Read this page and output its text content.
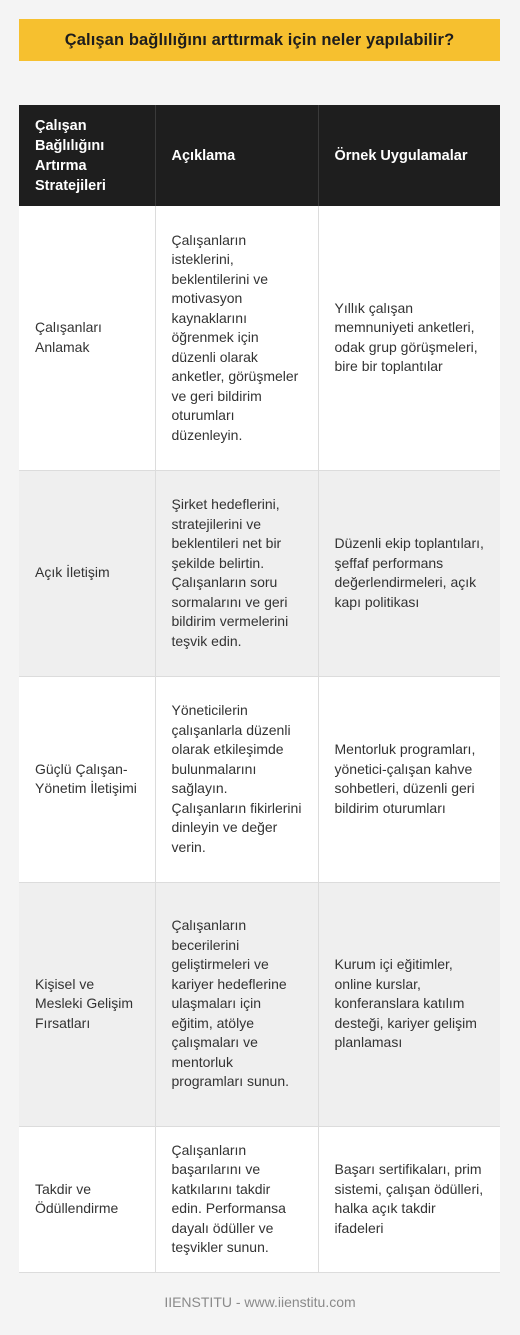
Çalışan bağlılığını arttırmak için neler yapılabilir?
Çalışan Bağlılığını Artırma Stratejileri	Açıklama	Örnek Uygulamalar
Çalışanları Anlamak	Çalışanların isteklerini, beklentilerini ve motivasyon kaynaklarını öğrenmek için düzenli olarak anketler, görüşmeler ve geri bildirim oturumları düzenleyin.	Yıllık çalışan memnuniyeti anketleri, odak grup görüşmeleri, bire bir toplantılar
Açık İletişim	Şirket hedeflerini, stratejilerini ve beklentileri net bir şekilde belirtin. Çalışanların soru sormalarını ve geri bildirim vermelerini teşvik edin.	Düzenli ekip toplantıları, şeffaf performans değerlendirmeleri, açık kapı politikası
Güçlü Çalışan-Yönetim İletişimi	Yöneticilerin çalışanlarla düzenli olarak etkileşimde bulunmalarını sağlayın. Çalışanların fikirlerini dinleyin ve değer verin.	Mentorluk programları, yönetici-çalışan kahve sohbetleri, düzenli geri bildirim oturumları
Kişisel ve Mesleki Gelişim Fırsatları	Çalışanların becerilerini geliştirmeleri ve kariyer hedeflerine ulaşmaları için eğitim, atölye çalışmaları ve mentorluk programları sunun.	Kurum içi eğitimler, online kurslar, konferanslara katılım desteği, kariyer gelişim planlaması
Takdir ve Ödüllendirme	Çalışanların başarılarını ve katkılarını takdir edin. Performansa dayalı ödüller ve teşvikler sunun.	Başarı sertifikaları, prim sistemi, çalışan ödülleri, halka açık takdir ifadeleri
IIENSTITU - www.iienstitu.com
